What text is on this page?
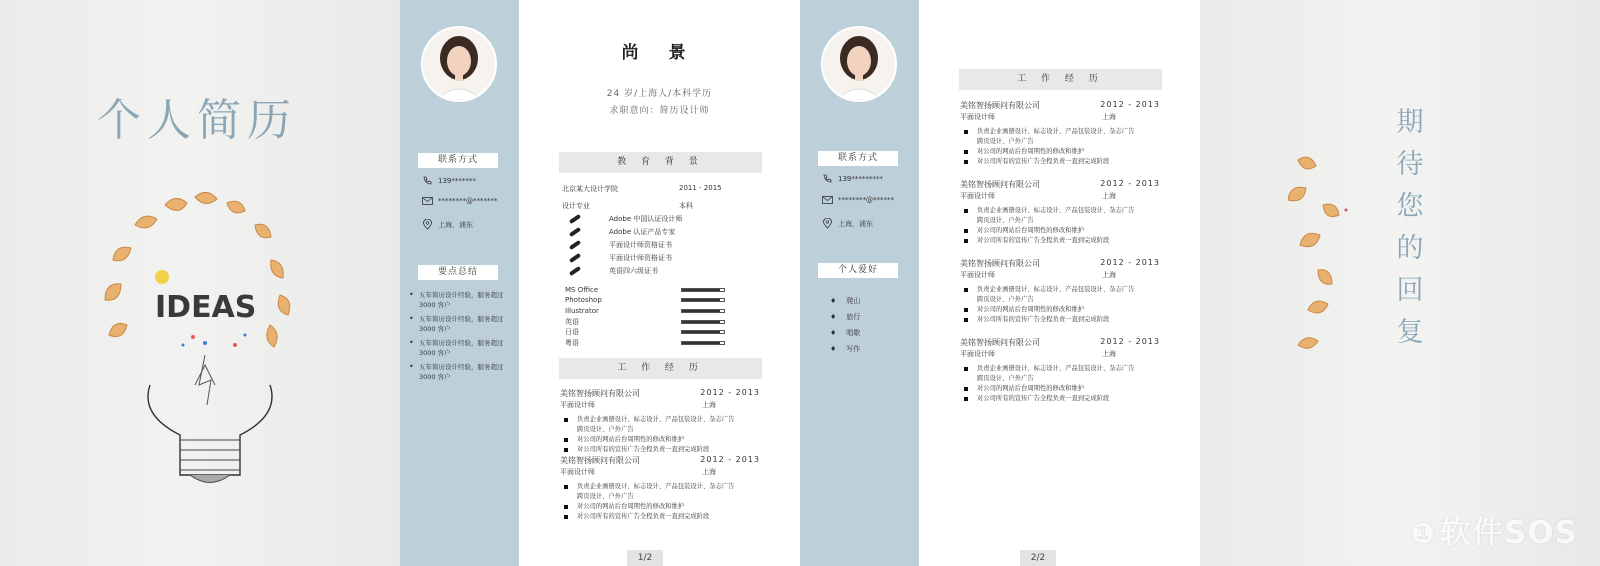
个人简历
IDEAS
联系方式
139*******
********@*******
上海，浦东
要点总结
• 五年简历设计经验，服务超过 3000 客户
• 五年简历设计经验，服务超过 3000 客户
• 五年简历设计经验，服务超过 3000 客户
• 五年简历设计经验，服务超过 3000 客户
尚 景
24 岁/上海人/本科学历
求职意向：简历设计师
教 育 背 景
北京某大设计学院	2011 - 2015
设计专业	本科
Adobe 中国认证设计师
Adobe 认证产品专家
平面设计师资格证书
平面设计师资格证书
英语四六级证书
MS Office
Photoshop
Illustrator
英语
日语
粤语
工 作 经 历
美铭智扬顾问有限公司	2012 - 2013
平面设计师	上海
负责企业画册设计、标志设计、产品包装设计、杂志广告
跨页设计、户外广告
对公司的网站后台周期性的修改和维护
对公司所有的宣传广告全程负责一直到完成阶段
美铭智扬顾问有限公司	2012 - 2013
平面设计师	上海
负责企业画册设计、标志设计、产品包装设计、杂志广告
跨页设计、户外广告
对公司的网站后台周期性的修改和维护
对公司所有的宣传广告全程负责一直到完成阶段
1/2
联系方式
139*********
********@******
上海，浦东
个人爱好
♦ 爬山
♦ 旅行
♦ 唱歌
♦ 写作
工 作 经 历
美铭智扬顾问有限公司	2012 - 2013
平面设计师	上海
负责企业画册设计、标志设计、产品包装设计、杂志广告
跨页设计、户外广告
对公司的网站后台周期性的修改和维护
对公司所有的宣传广告全程负责一直到完成阶段
美铭智扬顾问有限公司	2012 - 2013
平面设计师	上海
负责企业画册设计、标志设计、产品包装设计、杂志广告
跨页设计、户外广告
对公司的网站后台周期性的修改和维护
对公司所有的宣传广告全程负责一直到完成阶段
美铭智扬顾问有限公司	2012 - 2013
平面设计师	上海
负责企业画册设计、标志设计、产品包装设计、杂志广告
跨页设计、户外广告
对公司的网站后台周期性的修改和维护
对公司所有的宣传广告全程负责一直到完成阶段
美铭智扬顾问有限公司	2012 - 2013
平面设计师	上海
负责企业画册设计、标志设计、产品包装设计、杂志广告
跨页设计、户外广告
对公司的网站后台周期性的修改和维护
对公司所有的宣传广告全程负责一直到完成阶段
2/2
期
待
您
的
回
复
❶ 软件SOS
